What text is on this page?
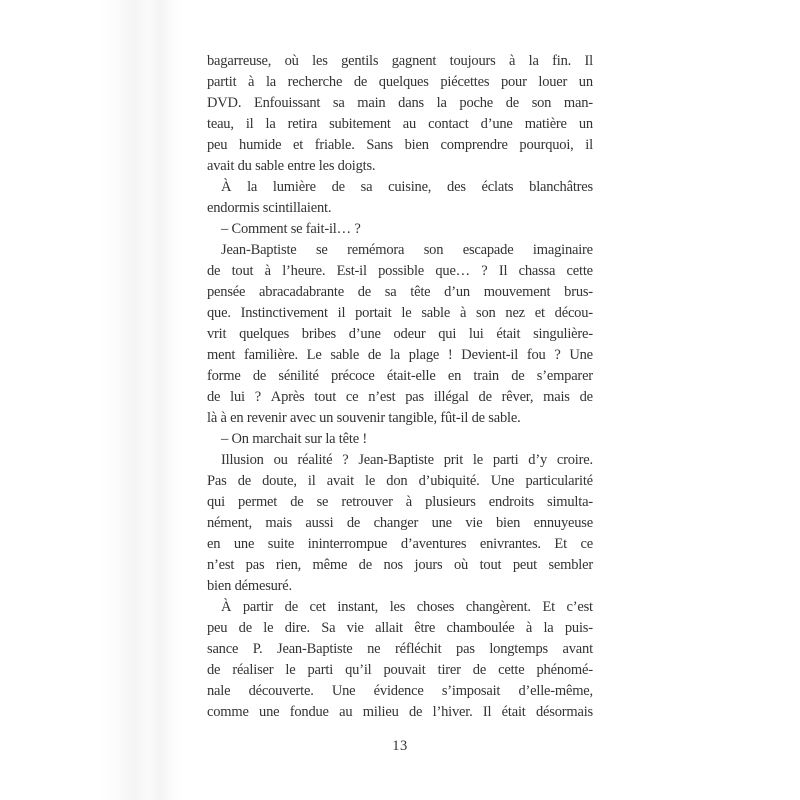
bagarreuse, où les gentils gagnent toujours à la fin. Il
partit à la recherche de quelques piécettes pour louer un
DVD. Enfouissant sa main dans la poche de son man-
teau, il la retira subitement au contact d’une matière un
peu humide et friable. Sans bien comprendre pourquoi, il
avait du sable entre les doigts.
À la lumière de sa cuisine, des éclats blanchâtres
endormis scintillaient.
– Comment se fait-il… ?
Jean-Baptiste se remémora son escapade imaginaire
de tout à l’heure. Est-il possible que… ? Il chassa cette
pensée abracadabrante de sa tête d’un mouvement brus-
que. Instinctivement il portait le sable à son nez et décou-
vrit quelques bribes d’une odeur qui lui était singulière-
ment familière. Le sable de la plage ! Devient-il fou ? Une
forme de sénilité précoce était-elle en train de s’emparer
de lui ? Après tout ce n’est pas illégal de rêver, mais de
là à en revenir avec un souvenir tangible, fût-il de sable.
– On marchait sur la tête !
Illusion ou réalité ? Jean-Baptiste prit le parti d’y croire.
Pas de doute, il avait le don d’ubiquité. Une particularité
qui permet de se retrouver à plusieurs endroits simulta-
nément, mais aussi de changer une vie bien ennuyeuse
en une suite ininterrompue d’aventures enivrantes. Et ce
n’est pas rien, même de nos jours où tout peut sembler
bien démesuré.
À partir de cet instant, les choses changèrent. Et c’est
peu de le dire. Sa vie allait être chamboulée à la puis-
sance P. Jean-Baptiste ne réfléchit pas longtemps avant
de réaliser le parti qu’il pouvait tirer de cette phénomé-
nale découverte. Une évidence s’imposait d’elle-même,
comme une fondue au milieu de l’hiver. Il était désormais
13
